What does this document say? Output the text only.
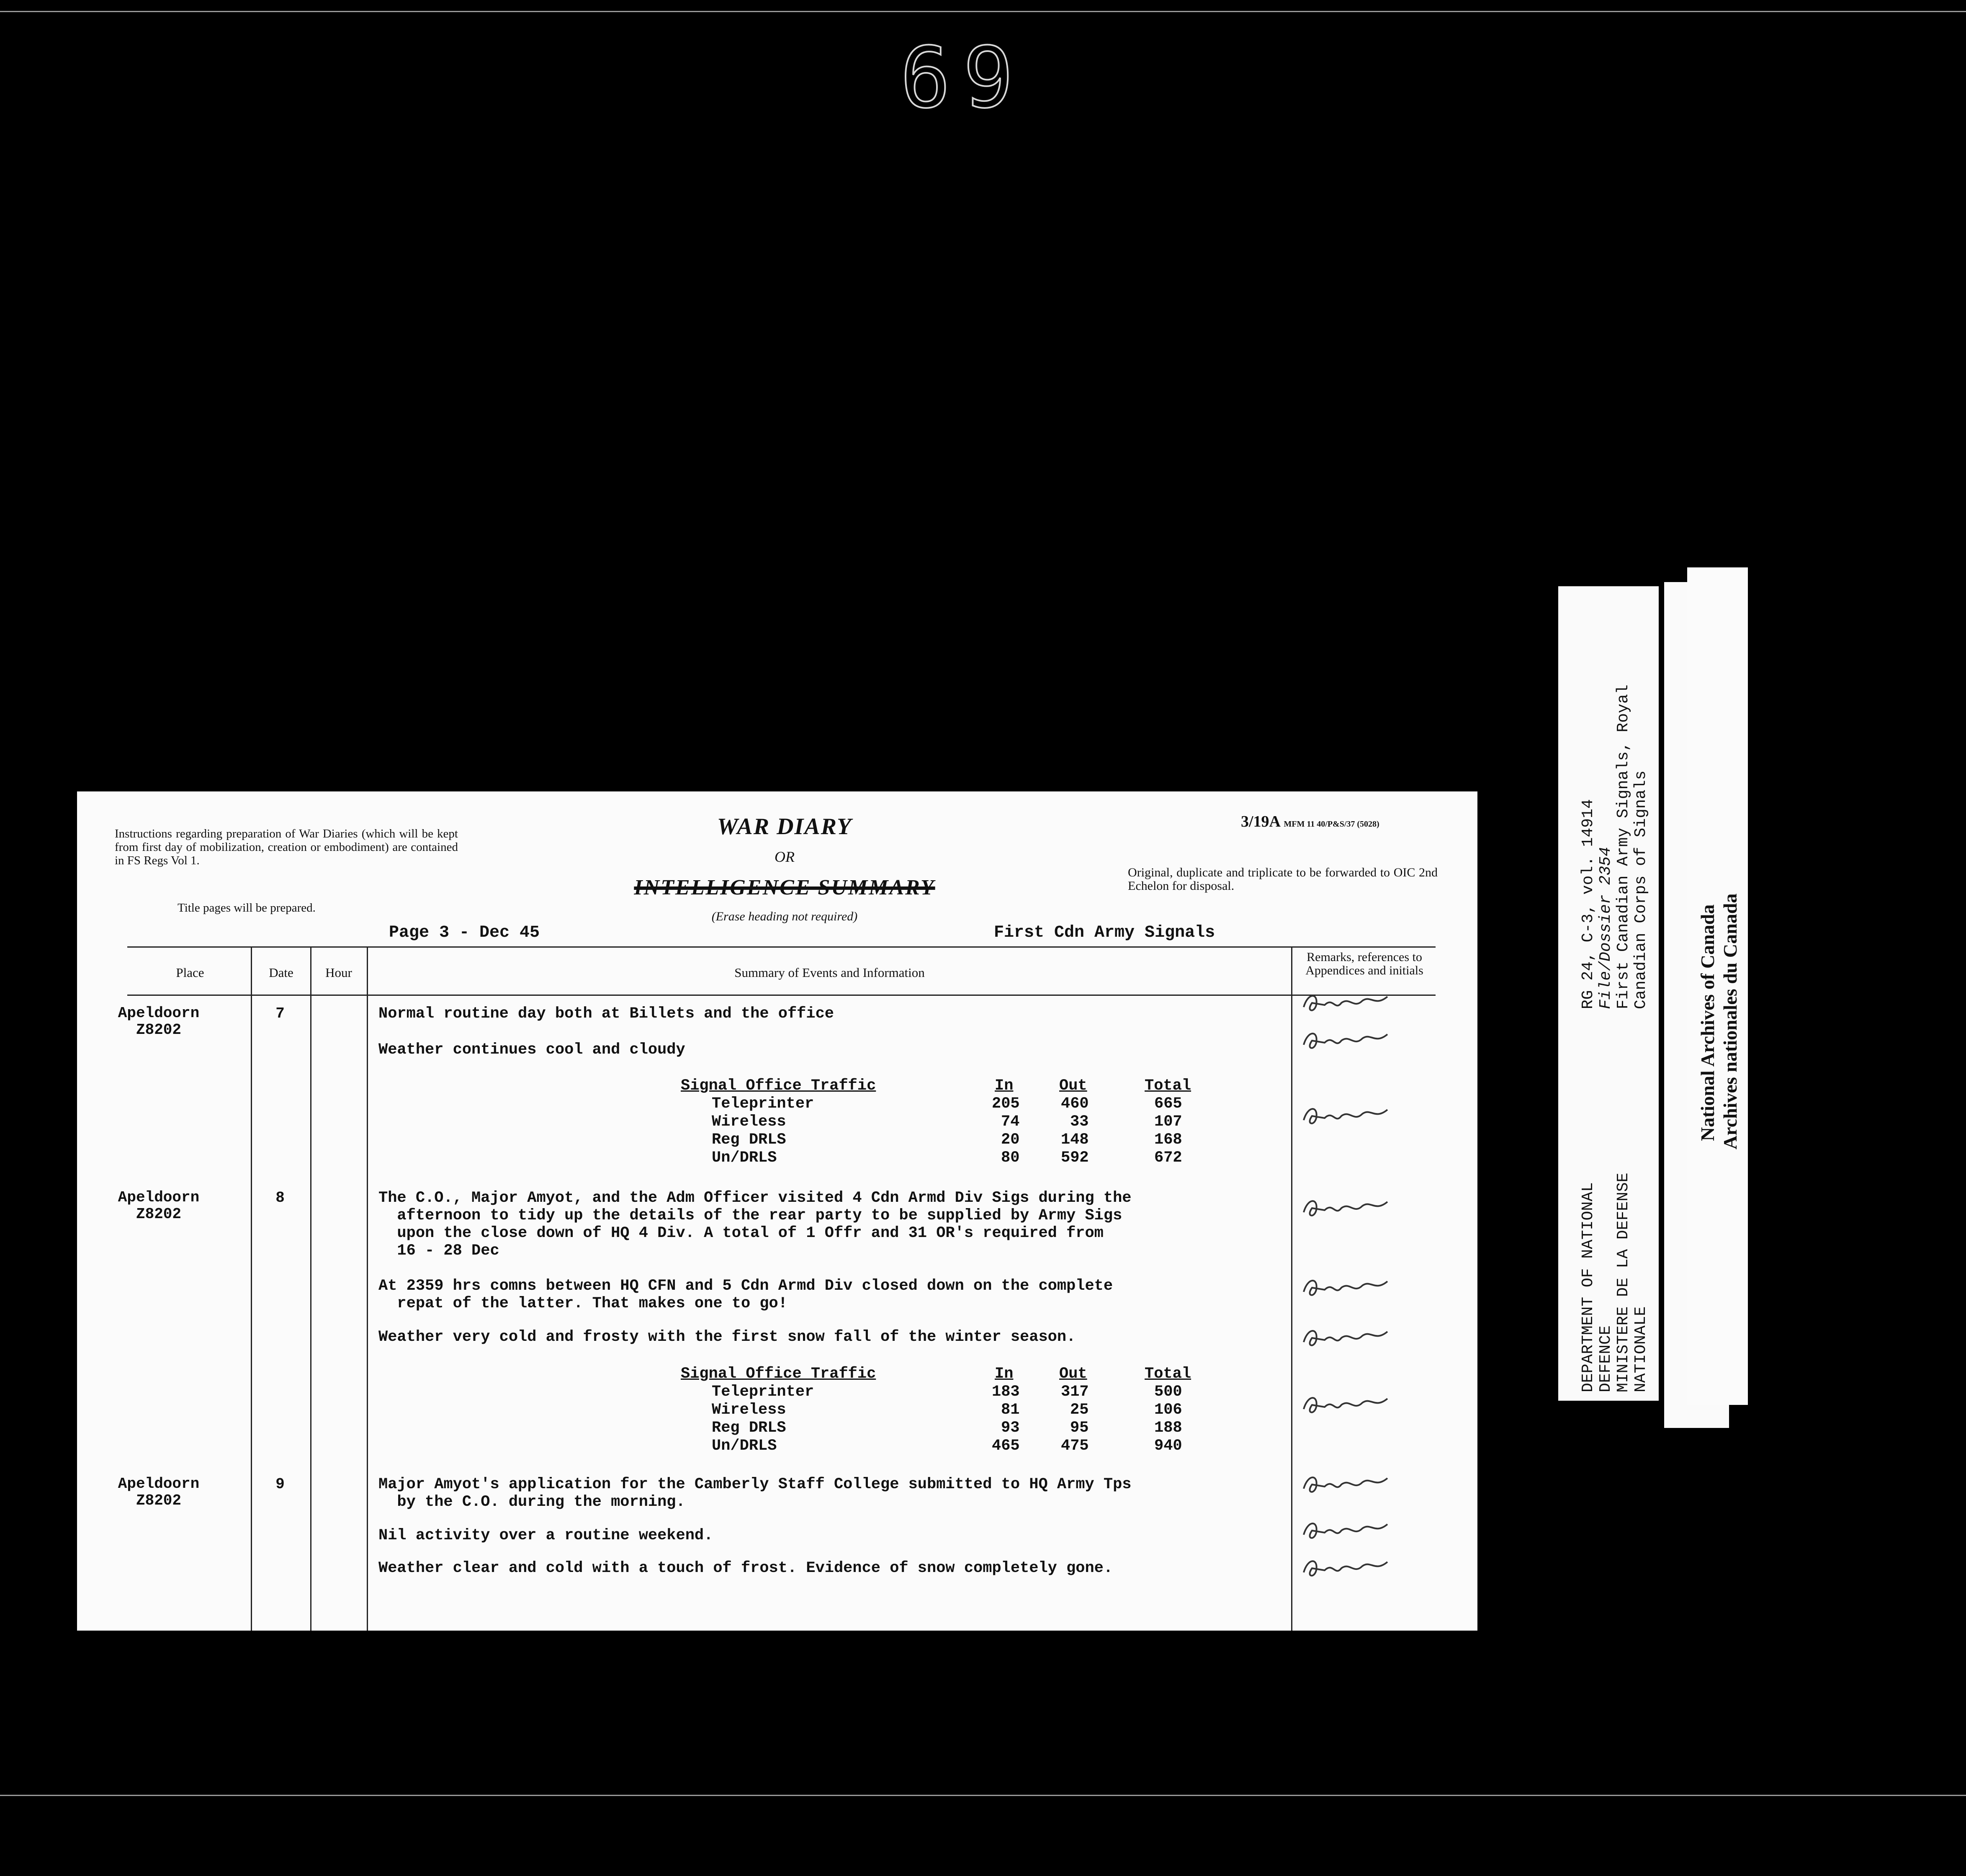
69
Instructions regarding preparation of War Diaries (which will be kept from first day of mobilization, creation or embodiment) are contained in FS Regs Vol 1.
Title pages will be prepared.
WAR DIARY
OR
INTELLIGENCE SUMMARY
(Erase heading not required)
3/19A MFM 11 40/P&S/37 (5028)
Original, duplicate and triplicate to be forwarded to OIC 2nd Echelon for disposal.
Page 3 - Dec 45	First Cdn Army Signals
Place	Date	Hour	Summary of Events and Information
Remarks, references to Appendices and initials
Apeldoorn
Z8202
7	Normal routine day both at Billets and the office
Weather continues cool and cloudy
Signal Office Traffic	In	Out	Total
Teleprinter	205	460	665
Wireless	74	33	107
Reg DRLS	20	148	168
Un/DRLS	80	592	672
Apeldoorn
Z8202
8	The C.O., Major Amyot, and the Adm Officer visited 4 Cdn Armd Div Sigs during the
afternoon to tidy up the details of the rear party to be supplied by Army Sigs
upon the close down of HQ 4 Div. A total of 1 Offr and 31 OR's required from
16 - 28 Dec
At 2359 hrs comns between HQ CFN and 5 Cdn Armd Div closed down on the complete
repat of the latter. That makes one to go!
Weather very cold and frosty with the first snow fall of the winter season.
Signal Office Traffic	In	Out	Total
Teleprinter	183	317	500
Wireless	81	25	106
Reg DRLS	93	95	188
Un/DRLS	465	475	940
Apeldoorn
Z8202
9	Major Amyot's application for the Camberly Staff College submitted to HQ Army Tps
by the C.O. during the morning.
Nil activity over a routine weekend.
Weather clear and cold with a touch of frost. Evidence of snow completely gone.
RG 24, C-3, vol. 14914 File/Dossier 2354 First Canadian Army Signals, Royal Canadian Corps of Signals
DEPARTMENT OF NATIONAL DEFENCE MINISTERE DE LA DEFENSE NATIONALE
National Archives of Canada Archives nationales du Canada
